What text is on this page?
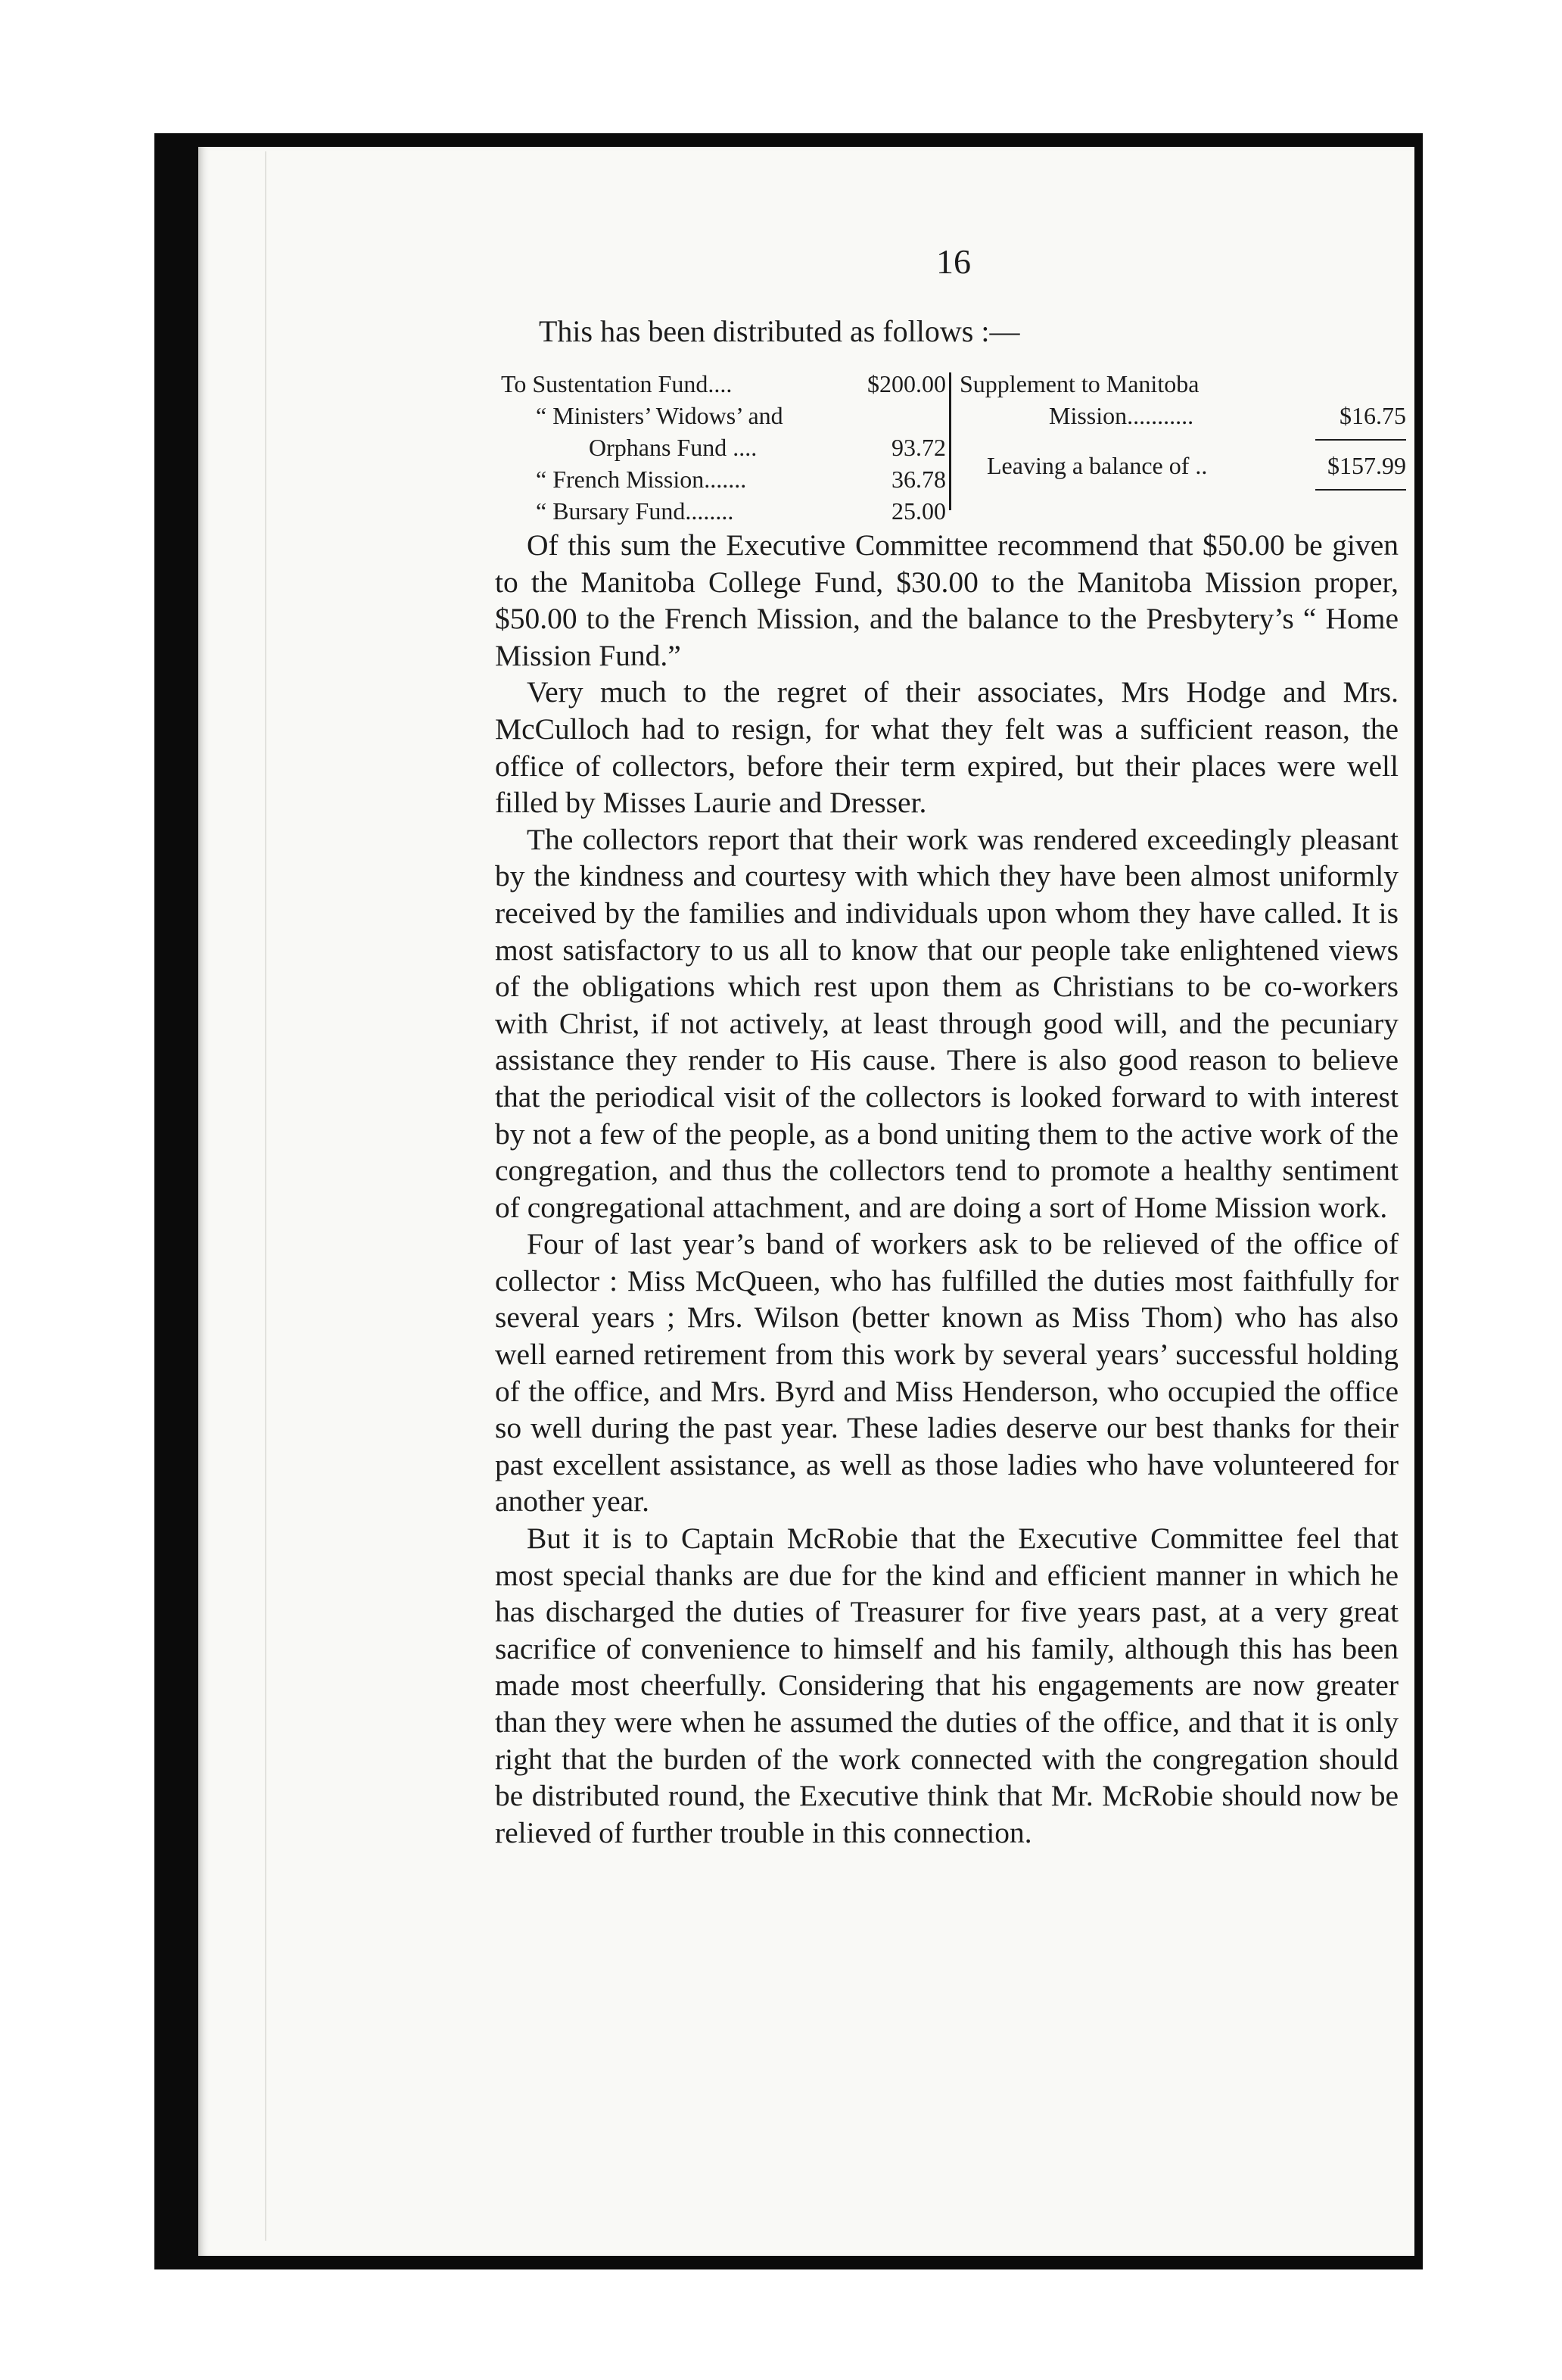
16
This has been distributed as follows :—
To Sustentation Fund....	$200.00
“ Ministers’ Widows’ and
Orphans Fund ....	93.72
“ French Mission.......	36.78
“ Bursary Fund........	25.00
Supplement to Manitoba
Mission...........	$16.75
Leaving a balance of ..	$157.99

Of this sum the Executive Committee recommend that $50.00 be given to the Manitoba College Fund, $30.00 to the Manitoba Mission proper, $50.00 to the French Mission, and the balance to the Presbytery’s “ Home Mission Fund.”

Very much to the regret of their associates, Mrs Hodge and Mrs. McCulloch had to resign, for what they felt was a sufficient reason, the office of collectors, before their term expired, but their places were well filled by Misses Laurie and Dresser.

The collectors report that their work was rendered exceedingly pleasant by the kindness and courtesy with which they have been almost uniformly received by the families and individuals upon whom they have called. It is most satisfactory to us all to know that our people take enlightened views of the obligations which rest upon them as Christians to be co-workers with Christ, if not actively, at least through good will, and the pecuniary assistance they render to His cause. There is also good reason to believe that the periodical visit of the collectors is looked forward to with interest by not a few of the people, as a bond uniting them to the active work of the congregation, and thus the collectors tend to promote a healthy sentiment of congregational attachment, and are doing a sort of Home Mission work.

Four of last year’s band of workers ask to be relieved of the office of collector : Miss McQueen, who has fulfilled the duties most faithfully for several years ; Mrs. Wilson (better known as Miss Thom) who has also well earned retirement from this work by several years’ successful holding of the office, and Mrs. Byrd and Miss Henderson, who occupied the office so well during the past year. These ladies deserve our best thanks for their past excellent assistance, as well as those ladies who have volunteered for another year.

But it is to Captain McRobie that the Executive Committee feel that most special thanks are due for the kind and efficient manner in which he has discharged the duties of Treasurer for five years past, at a very great sacrifice of convenience to himself and his family, although this has been made most cheerfully. Considering that his engagements are now greater than they were when he assumed the duties of the office, and that it is only right that the burden of the work connected with the congregation should be distributed round, the Executive think that Mr. McRobie should now be relieved of further trouble in this connection.
